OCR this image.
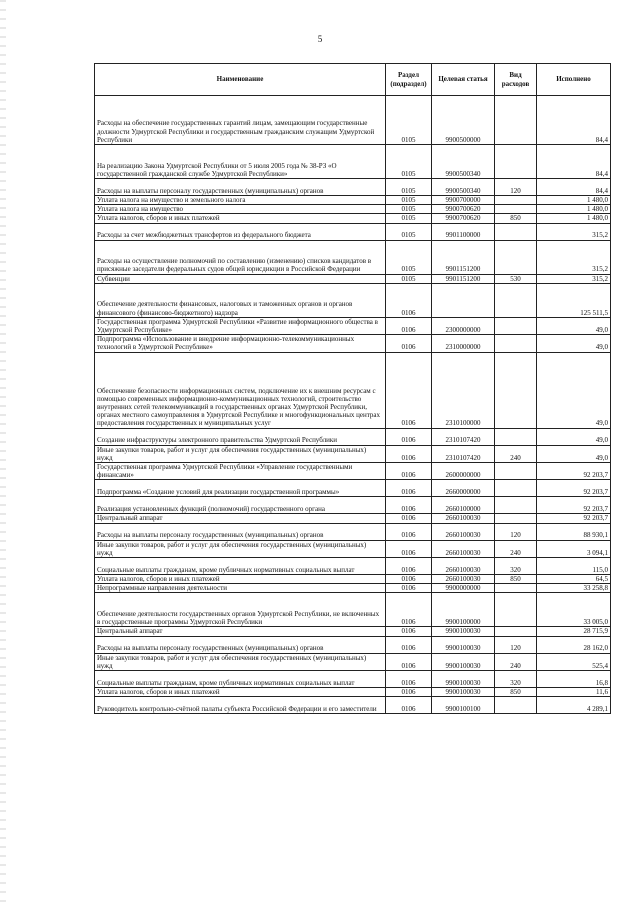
5
Наименование	Раздел (подраздел)	Целевая статья	Вид расходов	Исполнено
Расходы на обеспечение государственных гарантий лицам, замещающим государственные должности Удмуртской Республики и государственным гражданским служащим Удмуртской Республики	0105	9900500000		84,4
На реализацию Закона Удмуртской Республики от 5 июля 2005 года № 38-РЗ «О государственной гражданской службе Удмуртской Республики»	0105	9900500340		84,4
Расходы на выплаты персоналу государственных (муниципальных) органов	0105	9900500340	120	84,4
Уплата налога на имущество и земельного налога	0105	9900700000		1 480,0
Уплата налога на имущество	0105	9900700620		1 480,0
Уплата налогов, сборов и иных платежей	0105	9900700620	850	1 480,0
Расходы за счет межбюджетных трансфертов из федерального бюджета	0105	9901100000		315,2
Расходы на осуществление полномочий по составлению (изменению) списков кандидатов в присяжные заседатели федеральных судов общей юрисдикции в Российской Федерации	0105	9901151200		315,2
Субвенции	0105	9901151200	530	315,2
Обеспечение деятельности финансовых, налоговых и таможенных органов и органов финансового (финансово-бюджетного) надзора	0106			125 511,5
Государственная программа Удмуртской Республики «Развитие информационного общества в Удмуртской Республике»	0106	2300000000		49,0
Подпрограмма «Использование и внедрение информационно-телекоммуникационных технологий в Удмуртской Республике»	0106	2310000000		49,0
Обеспечение безопасности информационных систем, подключение их к внешним ресурсам с помощью современных информационно-коммуникационных технологий, строительство внутренних сетей телекоммуникаций в государственных органах Удмуртской Республики, органах местного самоуправления в Удмуртской Республике и многофункциональных центрах предоставления государственных и муниципальных услуг	0106	2310100000		49,0
Создание инфраструктуры электронного правительства Удмуртской Республики	0106	2310107420		49,0
Иные закупки товаров, работ и услуг для обеспечения государственных (муниципальных) нужд	0106	2310107420	240	49,0
Государственная программа Удмуртской Республики «Управление государственными финансами»	0106	2600000000		92 203,7
Подпрограмма «Создание условий для реализации государственной программы»	0106	2660000000		92 203,7
Реализация установленных функций (полномочий) государственного органа	0106	2660100000		92 203,7
Центральный аппарат	0106	2660100030		92 203,7
Расходы на выплаты персоналу государственных (муниципальных) органов	0106	2660100030	120	88 930,1
Иные закупки товаров, работ и услуг для обеспечения государственных (муниципальных) нужд	0106	2660100030	240	3 094,1
Социальные выплаты гражданам, кроме публичных нормативных социальных выплат	0106	2660100030	320	115,0
Уплата налогов, сборов и иных платежей	0106	2660100030	850	64,5
Непрограммные направления деятельности	0106	9900000000		33 258,8
Обеспечение деятельности государственных органов Удмуртской Республики, не включенных в государственные программы Удмуртской Республики	0106	9900100000		33 005,0
Центральный аппарат	0106	9900100030		28 715,9
Расходы на выплаты персоналу государственных (муниципальных) органов	0106	9900100030	120	28 162,0
Иные закупки товаров, работ и услуг для обеспечения государственных (муниципальных) нужд	0106	9900100030	240	525,4
Социальные выплаты гражданам, кроме публичных нормативных социальных выплат	0106	9900100030	320	16,8
Уплата налогов, сборов и иных платежей	0106	9900100030	850	11,6
Руководитель контрольно-счётной палаты субъекта Российской Федерации и его заместители	0106	9900100100		4 289,1
